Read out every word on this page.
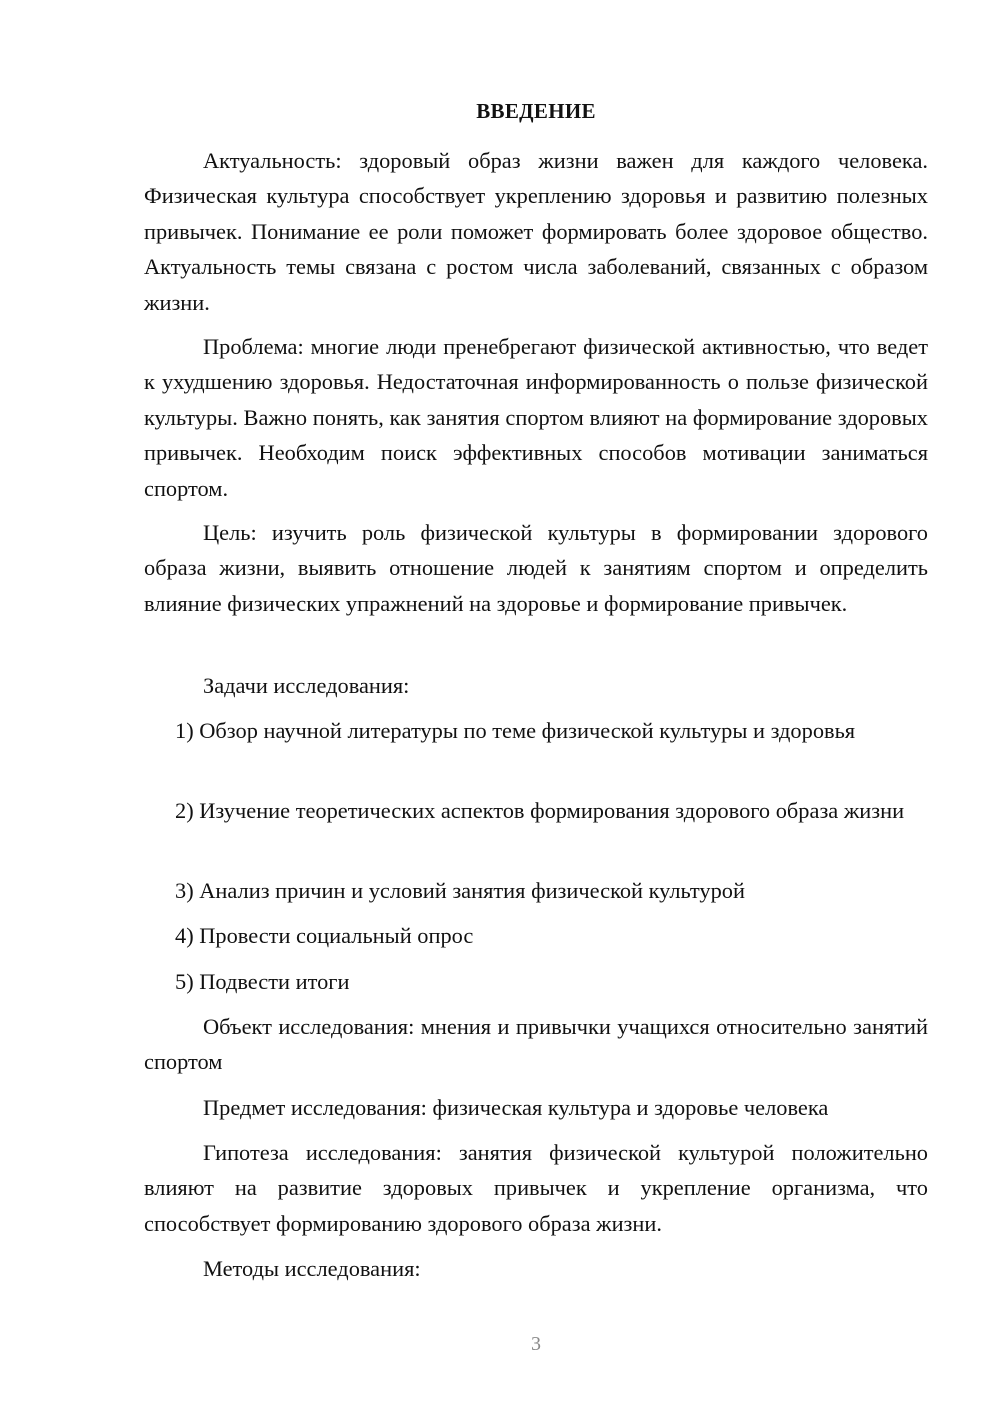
ВВЕДЕНИЕ

Актуальность: здоровый образ жизни важен для каждого человека. Физическая культура способствует укреплению здоровья и развитию полезных привычек. Понимание ее роли поможет формировать более здоровое общество. Актуальность темы связана с ростом числа заболеваний, связанных с образом жизни.

Проблема: многие люди пренебрегают физической активностью, что ведет к ухудшению здоровья. Недостаточная информированность о пользе физической культуры. Важно понять, как занятия спортом влияют на формирование здоровых привычек. Необходим поиск эффективных способов мотивации заниматься спортом.

Цель: изучить роль физической культуры в формировании здорового образа жизни, выявить отношение людей к занятиям спортом и определить влияние физических упражнений на здоровье и формирование привычек.

Задачи исследования:

1) Обзор научной литературы по теме физической культуры и здоровья

2) Изучение теоретических аспектов формирования здорового образа жизни

3) Анализ причин и условий занятия физической культурой

4) Провести социальный опрос

5) Подвести итоги

Объект исследования: мнения и привычки учащихся относительно занятий спортом

Предмет исследования: физическая культура и здоровье человека

Гипотеза исследования: занятия физической культурой положительно влияют на развитие здоровых привычек и укрепление организма, что способствует формированию здорового образа жизни.

Методы исследования:

3
